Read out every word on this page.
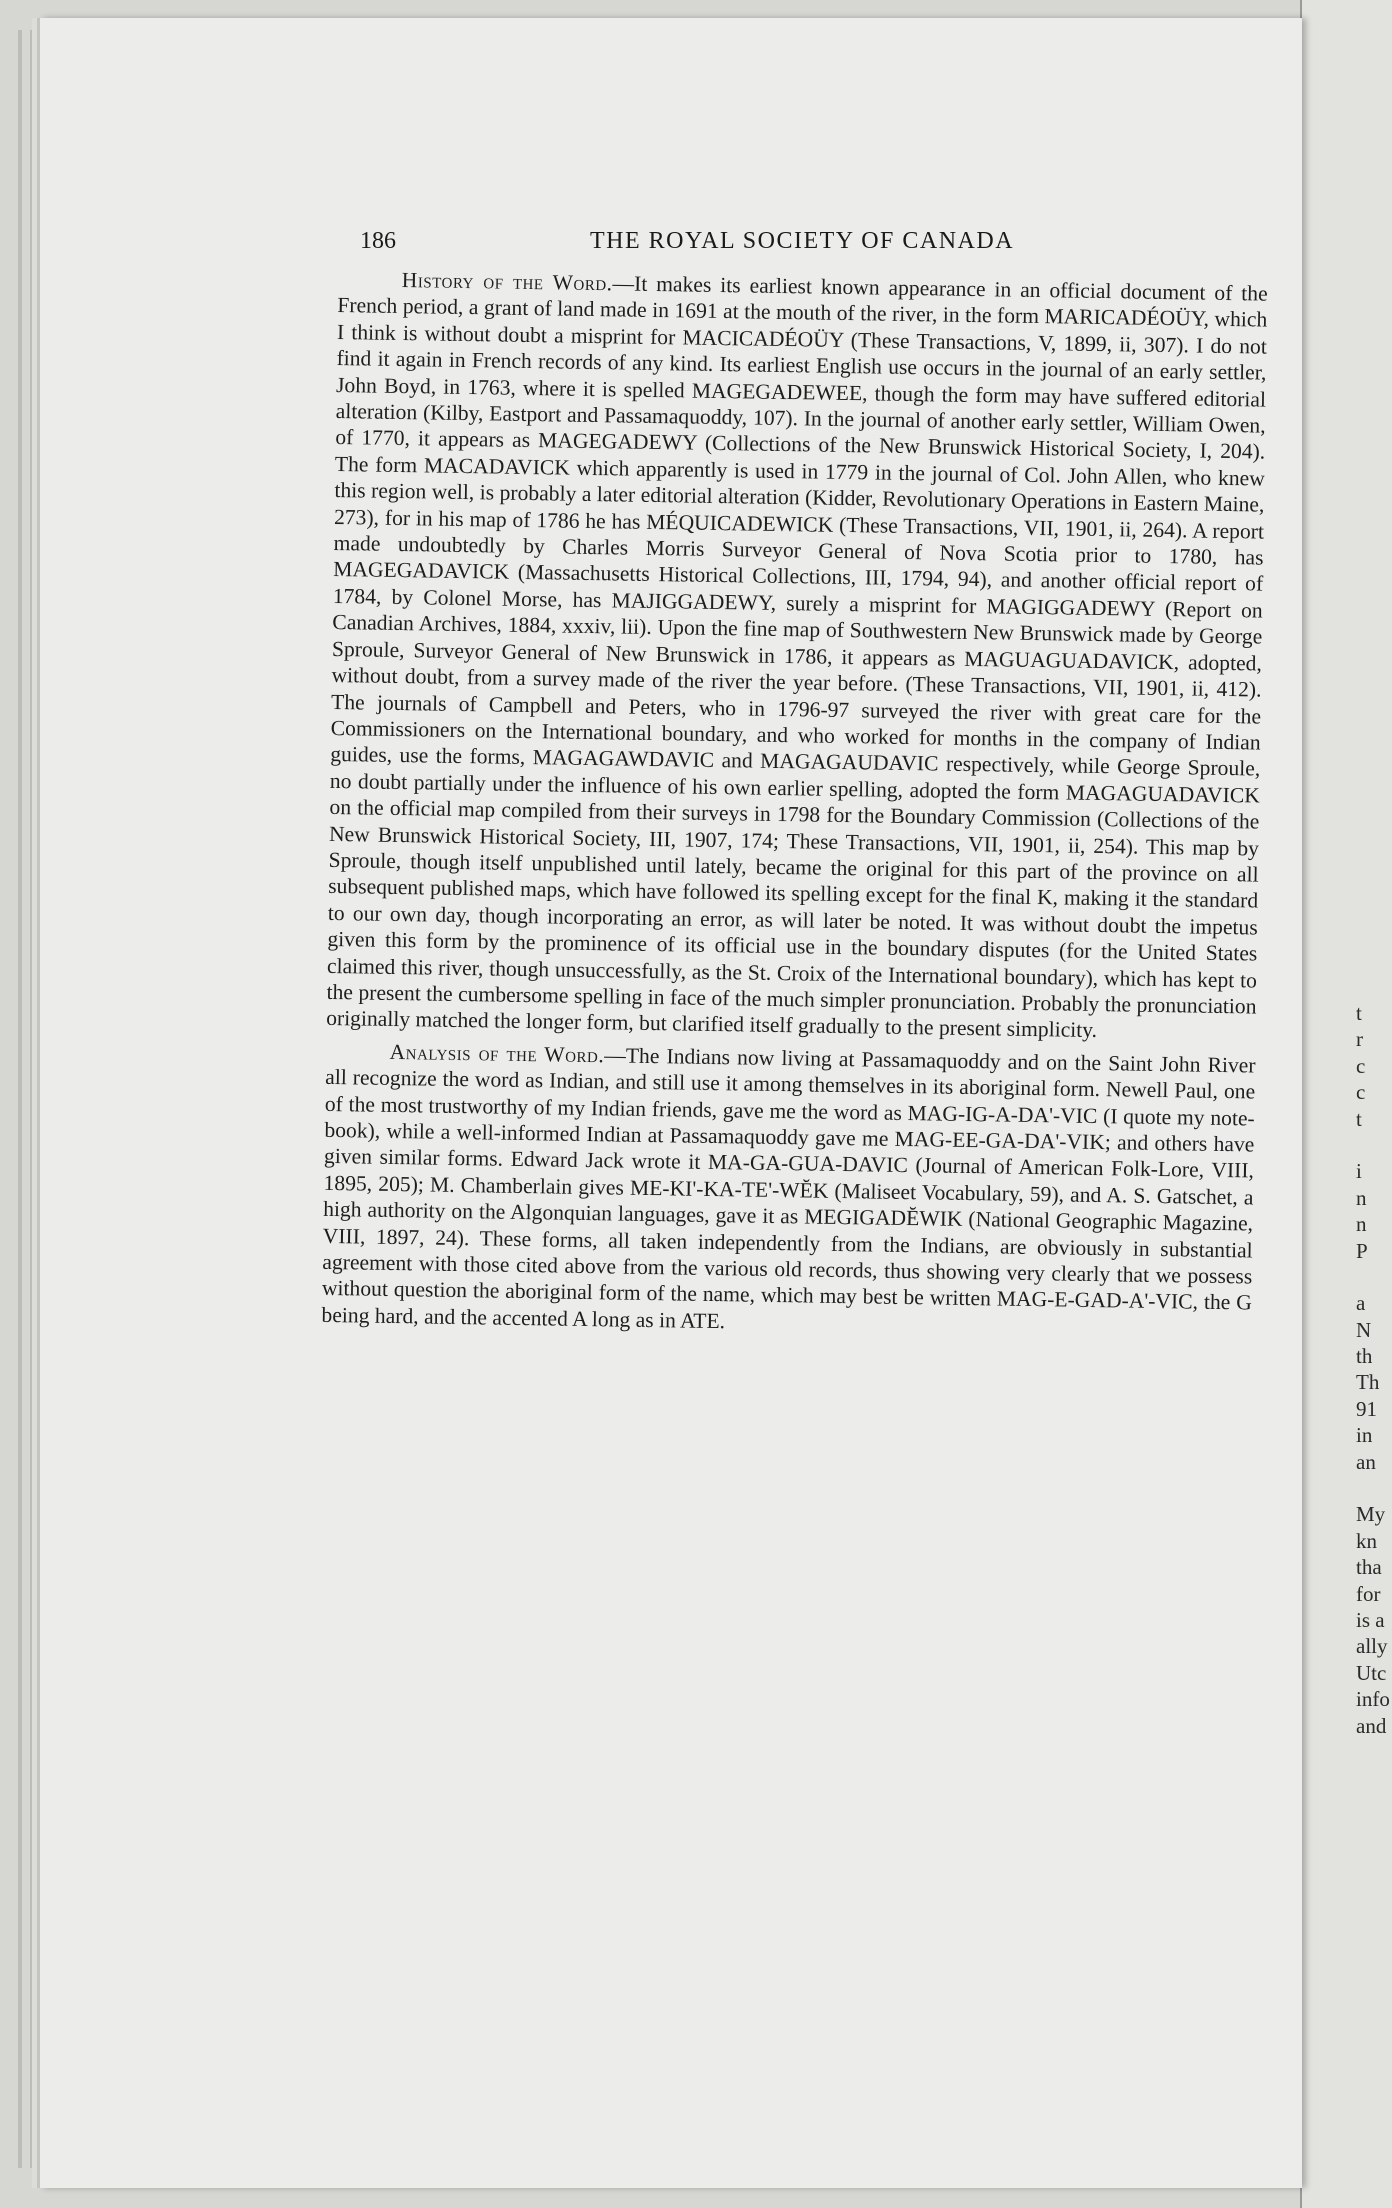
186	THE ROYAL SOCIETY OF CANADA

History of the Word.—It makes its earliest known appearance in an official document of the French period, a grant of land made in 1691 at the mouth of the river, in the form MARICADÉOÜY, which I think is without doubt a misprint for MACICADÉOÜY (These Transactions, V, 1899, ii, 307). I do not find it again in French records of any kind. Its earliest English use occurs in the journal of an early settler, John Boyd, in 1763, where it is spelled MAGEGADEWEE, though the form may have suffered editorial alteration (Kilby, Eastport and Passamaquoddy, 107). In the journal of another early settler, William Owen, of 1770, it appears as MAGEGADEWY (Collections of the New Brunswick Historical Society, I, 204). The form MACADAVICK which apparently is used in 1779 in the journal of Col. John Allen, who knew this region well, is probably a later editorial alteration (Kidder, Revolutionary Operations in Eastern Maine, 273), for in his map of 1786 he has MÉQUICADEWICK (These Transactions, VII, 1901, ii, 264). A report made undoubtedly by Charles Morris Surveyor General of Nova Scotia prior to 1780, has MAGEGADAVICK (Massachusetts Historical Collections, III, 1794, 94), and another official report of 1784, by Colonel Morse, has MAJIGGADEWY, surely a misprint for MAGIGGADEWY (Report on Canadian Archives, 1884, xxxiv, lii). Upon the fine map of Southwestern New Brunswick made by George Sproule, Surveyor General of New Brunswick in 1786, it appears as MAGUAGUADAVICK, adopted, without doubt, from a survey made of the river the year before. (These Transactions, VII, 1901, ii, 412). The journals of Campbell and Peters, who in 1796-97 surveyed the river with great care for the Commissioners on the International boundary, and who worked for months in the company of Indian guides, use the forms, MAGAGAWDAVIC and MAGAGAUDAVIC respectively, while George Sproule, no doubt partially under the influence of his own earlier spelling, adopted the form MAGAGUADAVICK on the official map compiled from their surveys in 1798 for the Boundary Commission (Collections of the New Brunswick Historical Society, III, 1907, 174; These Transactions, VII, 1901, ii, 254). This map by Sproule, though itself unpublished until lately, became the original for this part of the province on all subsequent published maps, which have followed its spelling except for the final K, making it the standard to our own day, though incorporating an error, as will later be noted. It was without doubt the impetus given this form by the prominence of its official use in the boundary disputes (for the United States claimed this river, though unsuccessfully, as the St. Croix of the International boundary), which has kept to the present the cumbersome spelling in face of the much simpler pronunciation. Probably the pronunciation originally matched the longer form, but clarified itself gradually to the present simplicity.

Analysis of the Word.—The Indians now living at Passamaquoddy and on the Saint John River all recognize the word as Indian, and still use it among themselves in its aboriginal form. Newell Paul, one of the most trustworthy of my Indian friends, gave me the word as MAG-IG-A-DA'-VIC (I quote my note-book), while a well-informed Indian at Passamaquoddy gave me MAG-EE-GA-DA'-VIK; and others have given similar forms. Edward Jack wrote it MA-GA-GUA-DAVIC (Journal of American Folk-Lore, VIII, 1895, 205); M. Chamberlain gives ME-KI'-KA-TE'-WĔK (Maliseet Vocabulary, 59), and A. S. Gatschet, a high authority on the Algonquian languages, gave it as MEGIGADĔWIK (National Geographic Magazine, VIII, 1897, 24). These forms, all taken independently from the Indians, are obviously in substantial agreement with those cited above from the various old records, thus showing very clearly that we possess without question the aboriginal form of the name, which may best be written MAG-E-GAD-A'-VIC, the G being hard, and the accented A long as in ATE.

t
r
c
c
t
i
n
n
P
a
N
th
Th
91
in
an
My
kn
tha
for
is a
ally
Utc
info
and
